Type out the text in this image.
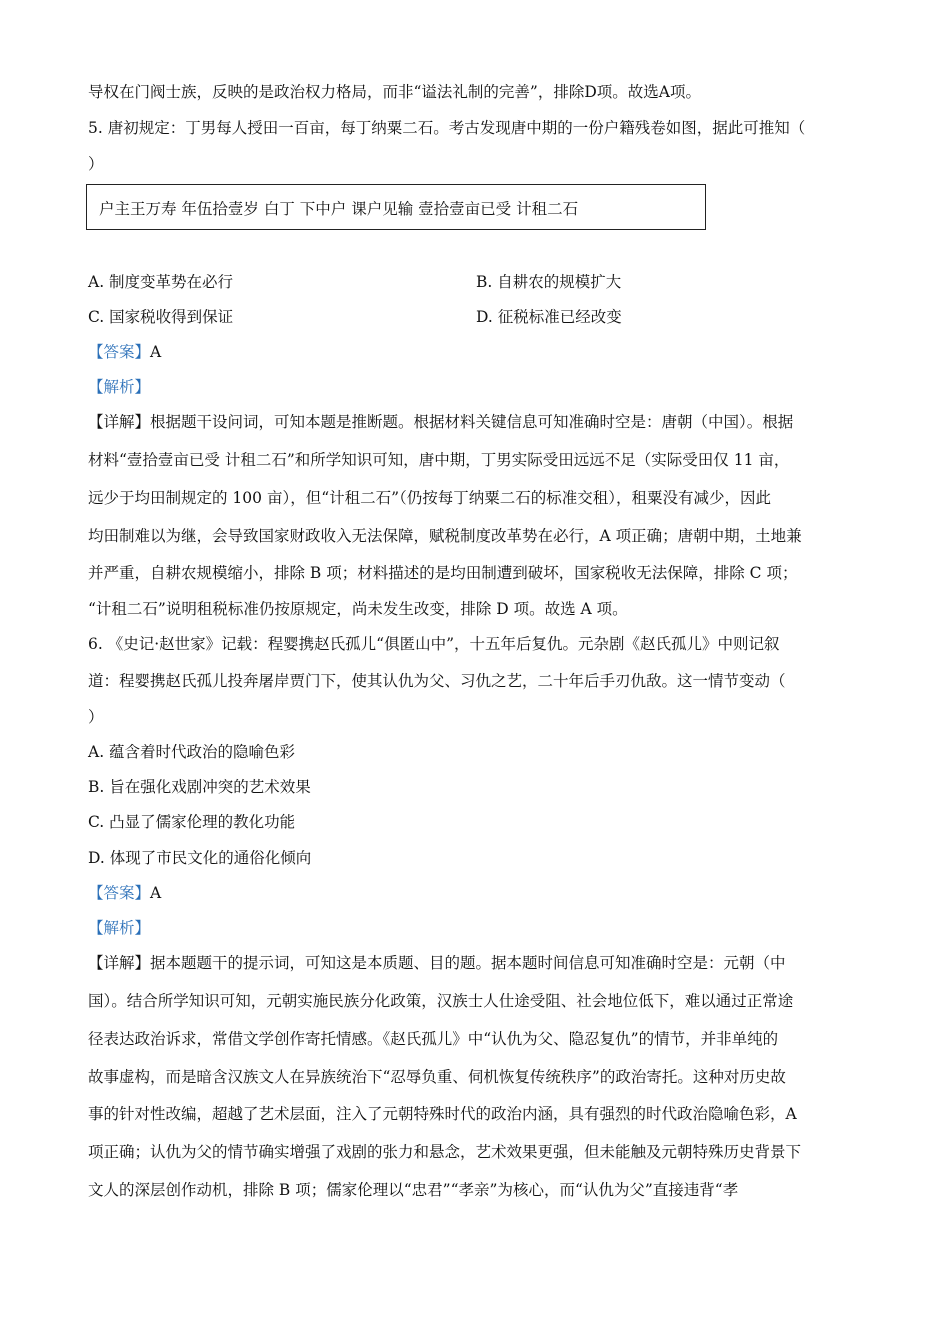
导权在门阀士族，反映的是政治权力格局，而非“谥法礼制的完善”，排除D项。故选A项。
5. 唐初规定：丁男每人授田一百亩，每丁纳粟二石。考古发现唐中期的一份户籍残卷如图，据此可推知（
）
户主王万寿 年伍拾壹岁 白丁 下中户 课户见输 壹拾壹亩已受 计租二石
A. 制度变革势在必行	B. 自耕农的规模扩大
C. 国家税收得到保证	D. 征税标准已经改变
【答案】A
【解析】
【详解】根据题干设问词，可知本题是推断题。根据材料关键信息可知准确时空是：唐朝（中国）。根据
材料“壹拾壹亩已受 计租二石”和所学知识可知，唐中期，丁男实际受田远远不足（实际受田仅 11 亩，
远少于均田制规定的 100 亩），但“计租二石”（仍按每丁纳粟二石的标准交租），租粟没有减少，因此
均田制难以为继，会导致国家财政收入无法保障，赋税制度改革势在必行，A 项正确；唐朝中期，土地兼
并严重，自耕农规模缩小，排除 B 项；材料描述的是均田制遭到破坏，国家税收无法保障，排除 C 项；
“计租二石”说明租税标准仍按原规定，尚未发生改变，排除 D 项。故选 A 项。
6. 《史记·赵世家》记载：程婴携赵氏孤儿“俱匿山中”，十五年后复仇。元杂剧《赵氏孤儿》中则记叙
道：程婴携赵氏孤儿投奔屠岸贾门下，使其认仇为父、习仇之艺，二十年后手刃仇敌。这一情节变动（
）
A. 蕴含着时代政治的隐喻色彩
B. 旨在强化戏剧冲突的艺术效果
C. 凸显了儒家伦理的教化功能
D. 体现了市民文化的通俗化倾向
【答案】A
【解析】
【详解】据本题题干的提示词，可知这是本质题、目的题。据本题时间信息可知准确时空是：元朝（中
国）。结合所学知识可知，元朝实施民族分化政策，汉族士人仕途受阻、社会地位低下，难以通过正常途
径表达政治诉求，常借文学创作寄托情感。《赵氏孤儿》中“认仇为父、隐忍复仇”的情节，并非单纯的
故事虚构，而是暗含汉族文人在异族统治下“忍辱负重、伺机恢复传统秩序”的政治寄托。这种对历史故
事的针对性改编，超越了艺术层面，注入了元朝特殊时代的政治内涵，具有强烈的时代政治隐喻色彩，A
项正确；认仇为父的情节确实增强了戏剧的张力和悬念，艺术效果更强，但未能触及元朝特殊历史背景下
文人的深层创作动机，排除 B 项；儒家伦理以“忠君”“孝亲”为核心，而“认仇为父”直接违背“孝
